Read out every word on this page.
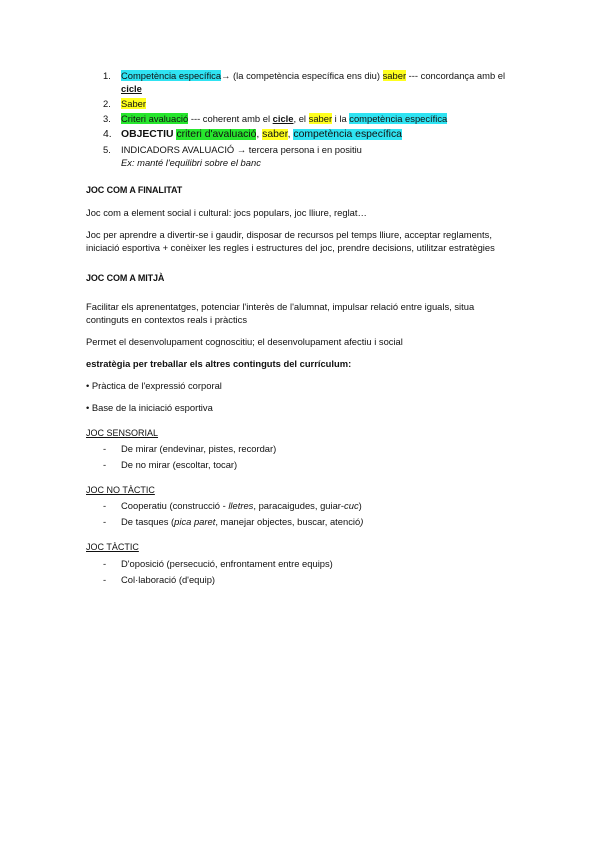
1. Competència específica→ (la competència específica ens diu) saber --- concordança amb el cicle
2. Saber
3. Criteri avaluació --- coherent amb el cicle, el saber i la competència específica
4. OBJECTIU criteri d'avaluació, saber, competència específica
5. INDICADORS AVALUACIÓ → tercera persona i en positiu
Ex: manté l'equilibri sobre el banc
JOC COM A FINALITAT

Joc com a element social i cultural: jocs populars, joc lliure, reglat…

Joc per aprendre a divertir-se i gaudir, disposar de recursos pel temps lliure, acceptar reglaments, iniciació esportiva + conèixer les regles i estructures del joc, prendre decisions, utilitzar estratègies

JOC COM A MITJÀ

Facilitar els aprenentatges, potenciar l'interès de l'alumnat, impulsar relació entre iguals, situa continguts en contextos reals i pràctics

Permet el desenvolupament cognoscitiu; el desenvolupament afectiu i social

estratègia per treballar els altres continguts del currículum:

• Pràctica de l'expressió corporal

• Base de la iniciació esportiva

JOC SENSORIAL
- De mirar (endevinar, pistes, recordar)
- De no mirar (escoltar, tocar)
JOC NO TÀCTIC
- Cooperatiu (construcció - lletres, paracaigudes, guiar-cuc)
- De tasques (pica paret, manejar objectes, buscar, atenció)
JOC TÀCTIC
- D'oposició (persecució, enfrontament entre equips)
- Col·laboració (d'equip)
